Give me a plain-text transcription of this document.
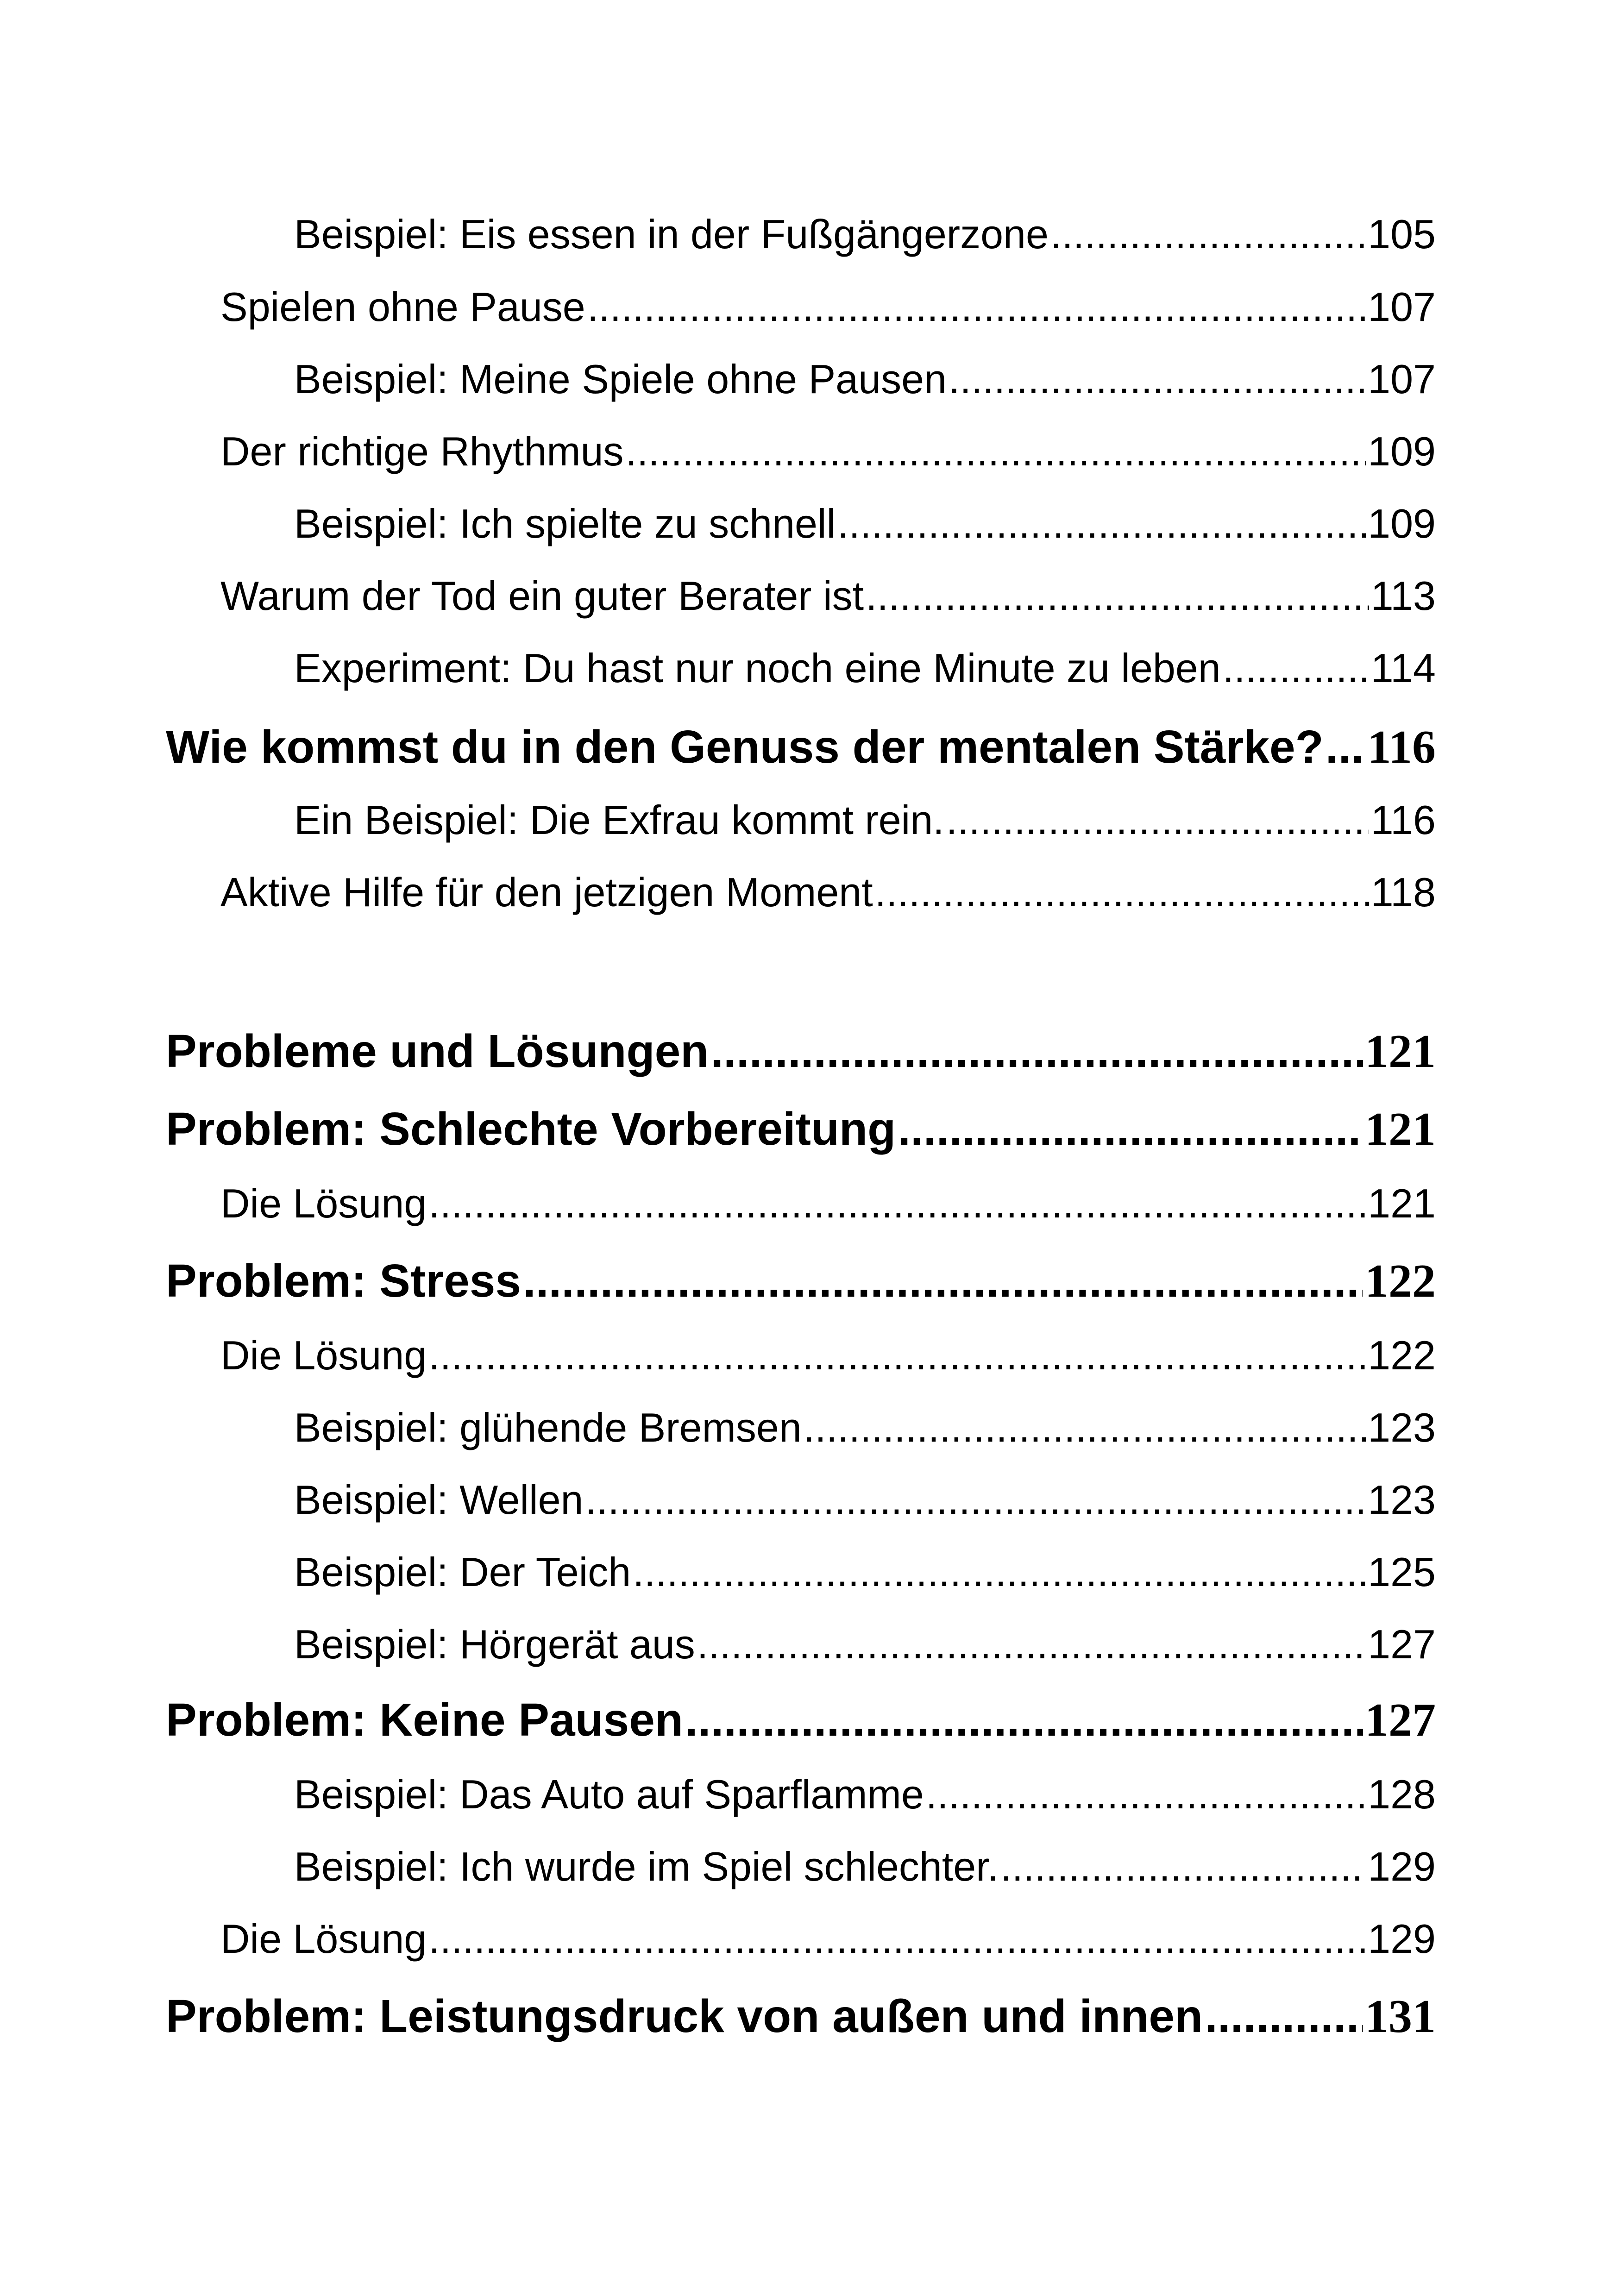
Beispiel: Eis essen in der Fußgängerzone .....	105
Spielen ohne Pause .....	107
Beispiel: Meine Spiele ohne Pausen .....	107
Der richtige Rhythmus .....	109
Beispiel: Ich spielte zu schnell .....	109
Warum der Tod ein guter Berater ist .....	113
Experiment: Du hast nur noch eine Minute zu leben .....	114
Wie kommst du in den Genuss der mentalen Stärke? ..... 116
Ein Beispiel: Die Exfrau kommt rein. .....	116
Aktive Hilfe für den jetzigen Moment .....	118
Probleme und Lösungen .....	121
Problem: Schlechte Vorbereitung .....	121
Die Lösung .....	121
Problem: Stress .....	122
Die Lösung .....	122
Beispiel: glühende Bremsen .....	123
Beispiel: Wellen .....	123
Beispiel: Der Teich .....	125
Beispiel: Hörgerät aus .....	127
Problem: Keine Pausen .....	127
Beispiel: Das Auto auf Sparflamme .....	128
Beispiel: Ich wurde im Spiel schlechter. .....	129
Die Lösung .....	129
Problem: Leistungsdruck von außen und innen .....	131
